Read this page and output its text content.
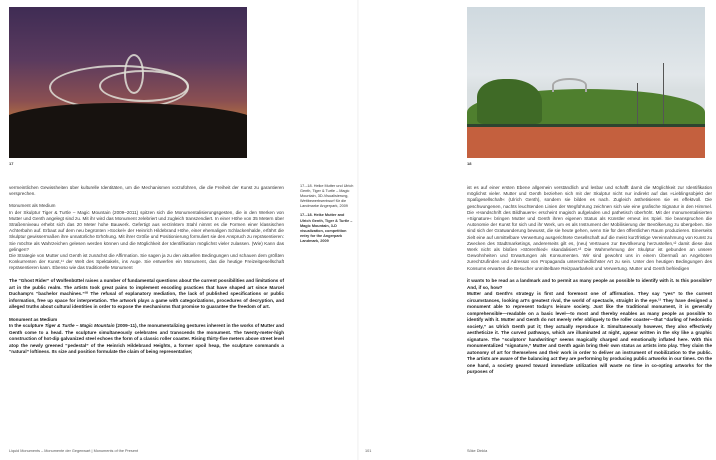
17

vermeintlichen Gewissheiten über kulturelle Identitäten, um die Mechanismen vorzuführen, die die Freiheit der Kunst zu garantieren versprechen.

Monument als Medium

In der Skulptur Tiger & Turtle – Magic Mountain (2009–2011) spitzen sich die Monumentalisierungsgesten, die in den Werken von Mutter und Genth angelegt sind zu. Mit ihr wird das Monument zelebriert und zugleich transzendiert. In einer Höhe von 35 Metern über Straßenniveau erhebt sich das 20 Meter hohe Bauwerk. Gefertigt aus verzinktem Stahl nimmt es die Formen einer klassischen Achterbahn auf. Erbaut auf dem neu begrünten »Sockel« der Heinrich Hildebrand Höhe, einer ehemaligen Schlackenhalde, erfährt die Skulptur gewissermaßen ihre unnatürliche Erhöhung. Mit ihrer Größe und Positionierung formuliert sie den Anspruch zu repräsentieren: Sie möchte als Wahrzeichen gelesen werden können und die Möglichkeit der Identifikation möglichst vieler zulassen. (Wie) Kann das gelingen?

Die Strategie von Mutter und Genth ist zunächst die Affirmation. Sie sagen ja zu den aktuellen Bedingungen und schauen dem größten Konkurrenten der Kunst,¹¹ der Welt des Spektakels, ins Auge. Sie entwerfen ein Monument, das die heutige Freizeitgesellschaft repräsentieren kann. Ebenso wie das traditionelle Monument

17.–18. Heike Mutter und Ulrich Genth, Tiger & Turtle – Magic Mountain, 3D-Visualisierung, Wettbewerbsentwurf für die Landmarke Angerpark, 2009
17.–18. Heike Mutter and Ulrich Genth, Tiger & Turtle – Magic Mountain, 3-D visualization, competition entry for the Angerpark Landmark, 2009

The “Ghost Rider” of Wolfenbüttel raises a number of fundamental questions about the current possibilities and limitations of art in the public realm. The artists took great pains to implement encoding practices that have shaped art since Marcel Duchamp’s “bachelor machines.”¹⁰ The refusal of explanatory mediation, the lack of published specifications or public information, free up space for interpretation. The artwork plays a game with categorizations, procedures of decryption, and alleged truths about cultural identities in order to expose the mechanisms that promise to guarantee the freedom of art.

Monument as Medium

In the sculpture Tiger & Turtle – Magic Mountain (2009–11), the monumentalizing gestures inherent in the works of Mutter and Genth come to a head. The sculpture simultaneously celebrates and transcends the monument. The twenty-meter-high construction of hot-dip galvanized steel echoes the form of a classic roller coaster. Rising thirty-five meters above street level atop the newly greened “pedestal” of the Heinrich Hildebrand Heights, a former spoil heap, the sculpture commands a “natural” loftiness. Its size and position formulate the claim of being representative;

Liquid Monuments – Monumente der Gegenwart | Monuments of the Present
18

ist es auf einer ersten Ebene allgemein verständlich und lesbar und schafft damit die Möglichkeit zur Identifikation möglichst vieler. Mutter und Genth beziehen sich mit der Skulptur nicht nur indirekt auf das »Lieblingsobjekt der Spaßgesellschaft« (Ulrich Genth), sondern sie bilden es nach. Zugleich ästhetisieren sie es effektvoll. Die geschwungenen, nachts leuchtenden Linien der Wegführung zeichnen sich wie eine grafische Signatur in den Himmel. Die »Handschrift des Bildhauers« erscheint magisch aufgeladen und pathetisch überhöht. Mit der monumentalisierten »Signature« bringen Mutter und Genth ihren eigenen Status als Künstler erneut ins Spiel. Sie beanspruchen die Autonomie der Kunst für sich und ihr Werk, um es als Instrument der Mobilisierung der Bevölkerung zu übergeben. Sie sind sich der Gratwanderung bewusst, die sie heute gehen, wenn Sie für den öffentlichen Raum produzieren. Einerseits zielt eine auf unmittelbare Verwertung ausgerichtete Gesellschaft auf die meist kurzfristige Vereinnahmung von Kunst zu Zwecken des Stadtmarketings, andererseits gilt es, (neu) Vertrauen zur Bevölkerung herzustellen,¹² damit diese das Werk nicht als bloßen »Störenfried« skandalisiert.¹³ Die Wahrnehmung der Skulptur ist gebunden an unsere Gewohnheiten und Erwartungen als Konsumenten. Wir sind gewohnt uns in einem Übermaß an Angeboten zurechtzufinden und Adressat von Propaganda unterschiedlichster Art zu sein. Unter den heutigen Bedingungen des Konsums erwarten die Besucher unmittelbare Reizpaarbarkeit und Verwertung. Mutter und Genth befriedigen

it wants to be read as a landmark and to permit as many people as possible to identify with it. Is this possible? And, if so, how?

Mutter and Genth’s strategy is first and foremost one of affirmation. They say “yes” to the current circumstances, looking art’s greatest rival, the world of spectacle, straight in the eye.¹¹ They have designed a monument able to represent today’s leisure society. Just like the traditional monument, it is generally comprehensible—readable on a basic level—to most and thereby enables as many people as possible to identify with it. Mutter and Genth do not merely refer obliquely to the roller coaster—that “darling of hedonistic society,” as Ulrich Genth put it; they actually reproduce it. Simultaneously however, they also effectively aestheticize it. The curved pathways, which are illuminated at night, appear written in the sky like a graphic signature. The “sculptors’ handwriting” seems magically charged and emotionally inflated here. With this monumentalized “signature,” Mutter and Genth again bring their own status as artists into play. They claim the autonomy of art for themselves and their work in order to deliver an instrument of mobilization to the public. The artists are aware of the balancing act they are performing by producing public artworks in our times. On the one hand, a society geared toward immediate utilization will waste no time in co-opting artworks for the purposes of

101	Söke Dinkla
